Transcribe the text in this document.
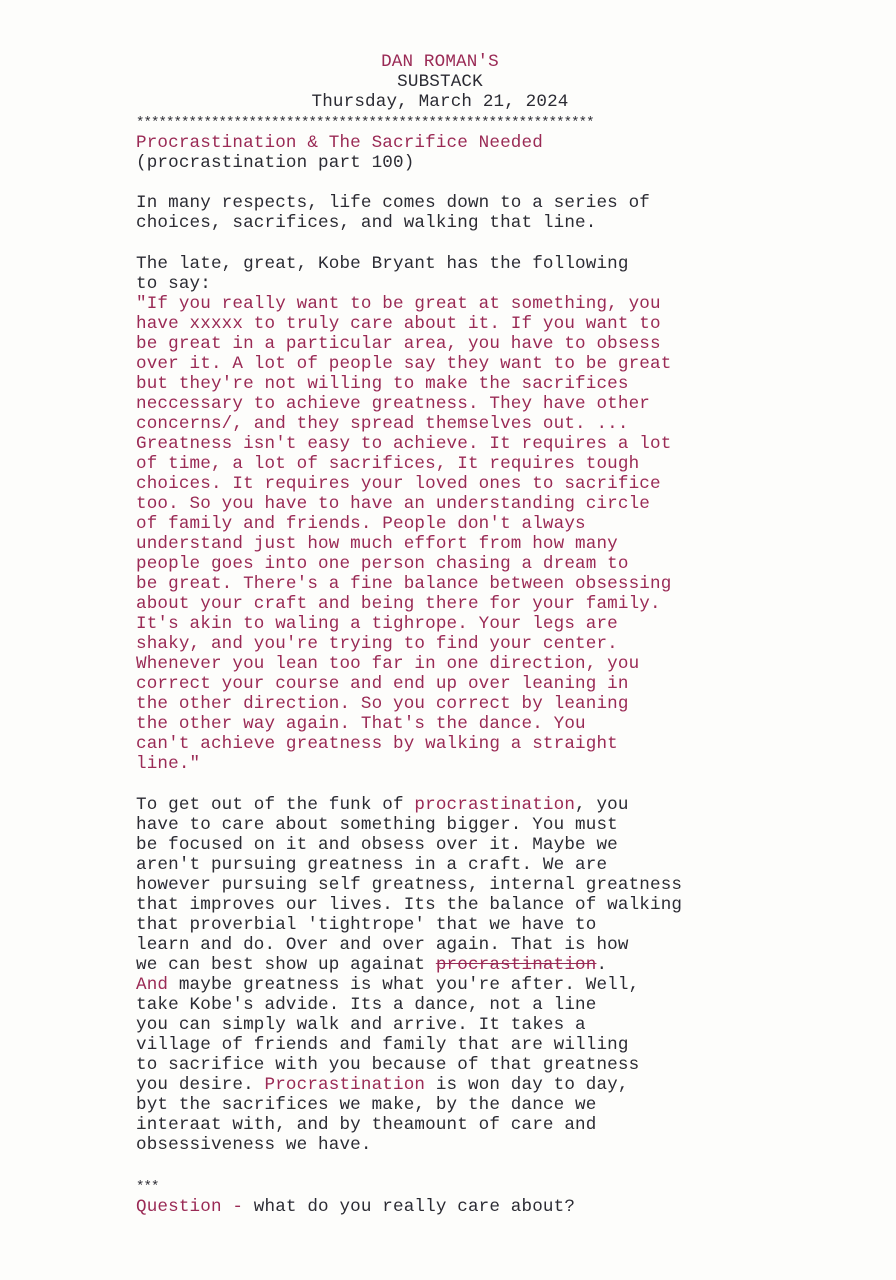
DAN ROMAN'S
SUBSTACK
Thursday, March 21, 2024
*************************************************************
Procrastination & The Sacrifice Needed
(procrastination part 100)
In many respects, life comes down to a series of
choices, sacrifices, and walking that line.
The late, great, Kobe Bryant has the following
to say:
"If you really want to be great at something, you
have xxxxx to truly care about it. If you want to
be great in a particular area, you have to obsess
over it. A lot of people say they want to be great
but they're not willing to make the sacrifices
neccessary to achieve greatness. They have other
concerns/, and they spread themselves out. ...
Greatness isn't easy to achieve. It requires a lot
of time, a lot of sacrifices, It requires tough
choices. It requires your loved ones to sacrifice
too. So you have to have an understanding circle
of family and friends. People don't always
understand just how much effort from how many
people goes into one person chasing a dream to
be great. There's a fine balance between obsessing
about your craft and being there for your family.
It's akin to waling a tighrope. Your legs are
shaky, and you're trying to find your center.
Whenever you lean too far in one direction, you
correct your course and end up over leaning in
the other direction. So you correct by leaning
the other way again. That's the dance. You
can't achieve greatness by walking a straight
line."
To get out of the funk of procrastination, you
have to care about something bigger. You must
be focused on it and obsess over it. Maybe we
aren't pursuing greatness in a craft. We are
however pursuing self greatness, internal greatness
that improves our lives. Its the balance of walking
that proverbial 'tightrope' that we have to
learn and do. Over and over again. That is how
we can best show up againat procrastination.
And maybe greatness is what you're after. Well,
take Kobe's advide. Its a dance, not a line
you can simply walk and arrive. It takes a
village of friends and family that are willing
to sacrifice with you because of that greatness
you desire. Procrastination is won day to day,
byt the sacrifices we make, by the dance we
interaat with, and by theamount of care and
obsessiveness we have.
***
Question - what do you really care about?
